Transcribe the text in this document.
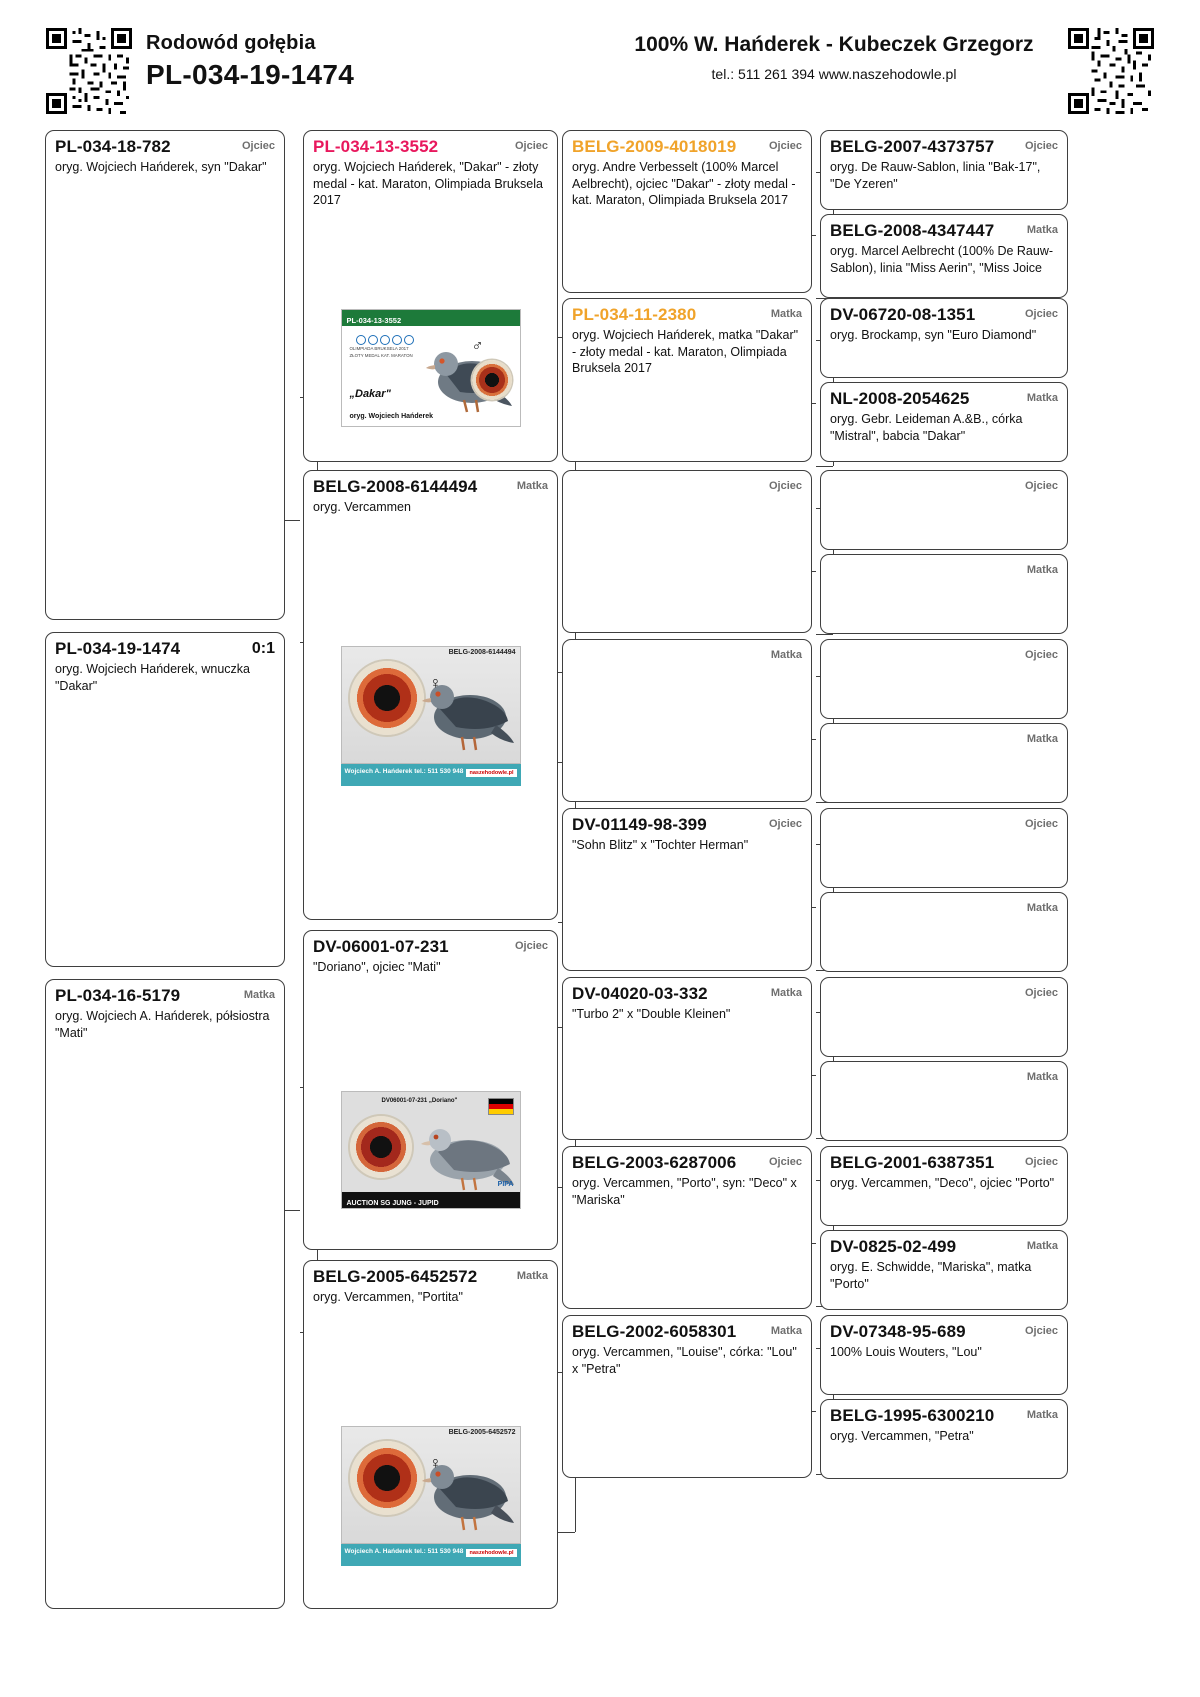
Rodowód gołębia
PL-034-19-1474
100% W. Hańderek - Kubeczek Grzegorz
tel.: 511 261 394 www.naszehodowle.pl
Ojciec
PL-034-18-782
oryg. Wojciech Hańderek, syn "Dakar"
0:1
PL-034-19-1474
oryg. Wojciech Hańderek, wnuczka "Dakar"
Matka
PL-034-16-5179
oryg. Wojciech A. Hańderek, półsiostra "Mati"
Ojciec
PL-034-13-3552
oryg. Wojciech Hańderek, "Dakar" - złoty medal - kat. Maraton, Olimpiada Bruksela 2017
PL-034-13-3552
OLIMPIADA BRUKSELA 2017 ZŁOTY MEDAL KAT. MARATON
„Dakar"
oryg. Wojciech Hańderek
♂
Matka
BELG-2008-6144494
oryg. Vercammen
BELG-2008-6144494
♀
Wojciech A. Hańderek tel.: 511 530 948	naszehodowle.pl
Ojciec
DV-06001-07-231
"Doriano", ojciec "Mati"
DV06001-07-231 „Doriano"
PIPA
AUCTION SG JUNG - JUPID
Matka
BELG-2005-6452572
oryg. Vercammen, "Portita"
BELG-2005-6452572
♀
Wojciech A. Hańderek tel.: 511 530 948	naszehodowle.pl
Ojciec
BELG-2009-4018019
oryg. Andre Verbesselt (100% Marcel Aelbrecht), ojciec "Dakar" - złoty medal - kat. Maraton, Olimpiada Bruksela 2017
Matka
PL-034-11-2380
oryg. Wojciech Hańderek, matka "Dakar" - złoty medal - kat. Maraton, Olimpiada Bruksela 2017
Ojciec
Matka
Ojciec
DV-01149-98-399
"Sohn Blitz" x "Tochter Herman"
Matka
DV-04020-03-332
"Turbo 2" x "Double Kleinen"
Ojciec
BELG-2003-6287006
oryg. Vercammen, "Porto", syn: "Deco" x "Mariska"
Matka
BELG-2002-6058301
oryg. Vercammen, "Louise", córka: "Lou" x "Petra"
Ojciec
BELG-2007-4373757
oryg. De Rauw-Sablon, linia "Bak-17", "De Yzeren"
Matka
BELG-2008-4347447
oryg. Marcel Aelbrecht (100% De Rauw-Sablon), linia "Miss Aerin", "Miss Joice
Ojciec
DV-06720-08-1351
oryg. Brockamp, syn "Euro Diamond"
Matka
NL-2008-2054625
oryg. Gebr. Leideman A.&B., córka "Mistral", babcia "Dakar"
Ojciec
Matka
Ojciec
Matka
Ojciec
Matka
Ojciec
Matka
Ojciec
BELG-2001-6387351
oryg. Vercammen, "Deco", ojciec "Porto"
Matka
DV-0825-02-499
oryg. E. Schwidde, "Mariska", matka "Porto"
Ojciec
DV-07348-95-689
100% Louis Wouters, "Lou"
Matka
BELG-1995-6300210
oryg. Vercammen, "Petra"
